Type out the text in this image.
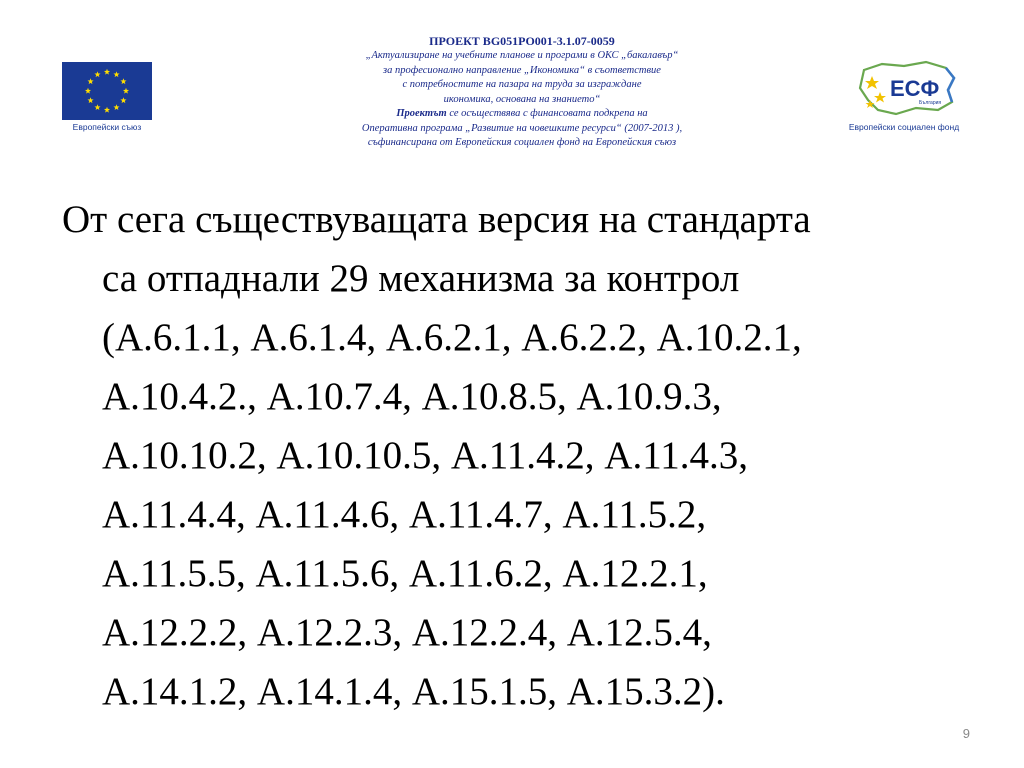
Европейски съюз
ПРОЕКТ BG051PO001-3.1.07-0059
„Актуализиране на учебните планове и програми в ОКС „бакалавър“
за професионално направление „Икономика“ в съответствие
с потребностите на пазара на труда за изграждане
икономика, основана на знанието“
Проектът се осъществява с финансовата подкрепа на
Оперативна програма „Развитие на човешките ресурси“ (2007-2013 ),
съфинансирана от Европейския социален фонд на Европейския съюз
ЕСФ
България
Европейски социален фонд
От сега съществуващата версия на стандарта
са отпаднали 29 механизма за контрол
(А.6.1.1, А.6.1.4, А.6.2.1, А.6.2.2, А.10.2.1,
А.10.4.2., А.10.7.4, А.10.8.5, А.10.9.3,
А.10.10.2, А.10.10.5, А.11.4.2, А.11.4.3,
А.11.4.4, А.11.4.6, А.11.4.7, А.11.5.2,
А.11.5.5, А.11.5.6, А.11.6.2, А.12.2.1,
А.12.2.2, А.12.2.3, А.12.2.4, А.12.5.4,
А.14.1.2, А.14.1.4, А.15.1.5, А.15.3.2).
9
